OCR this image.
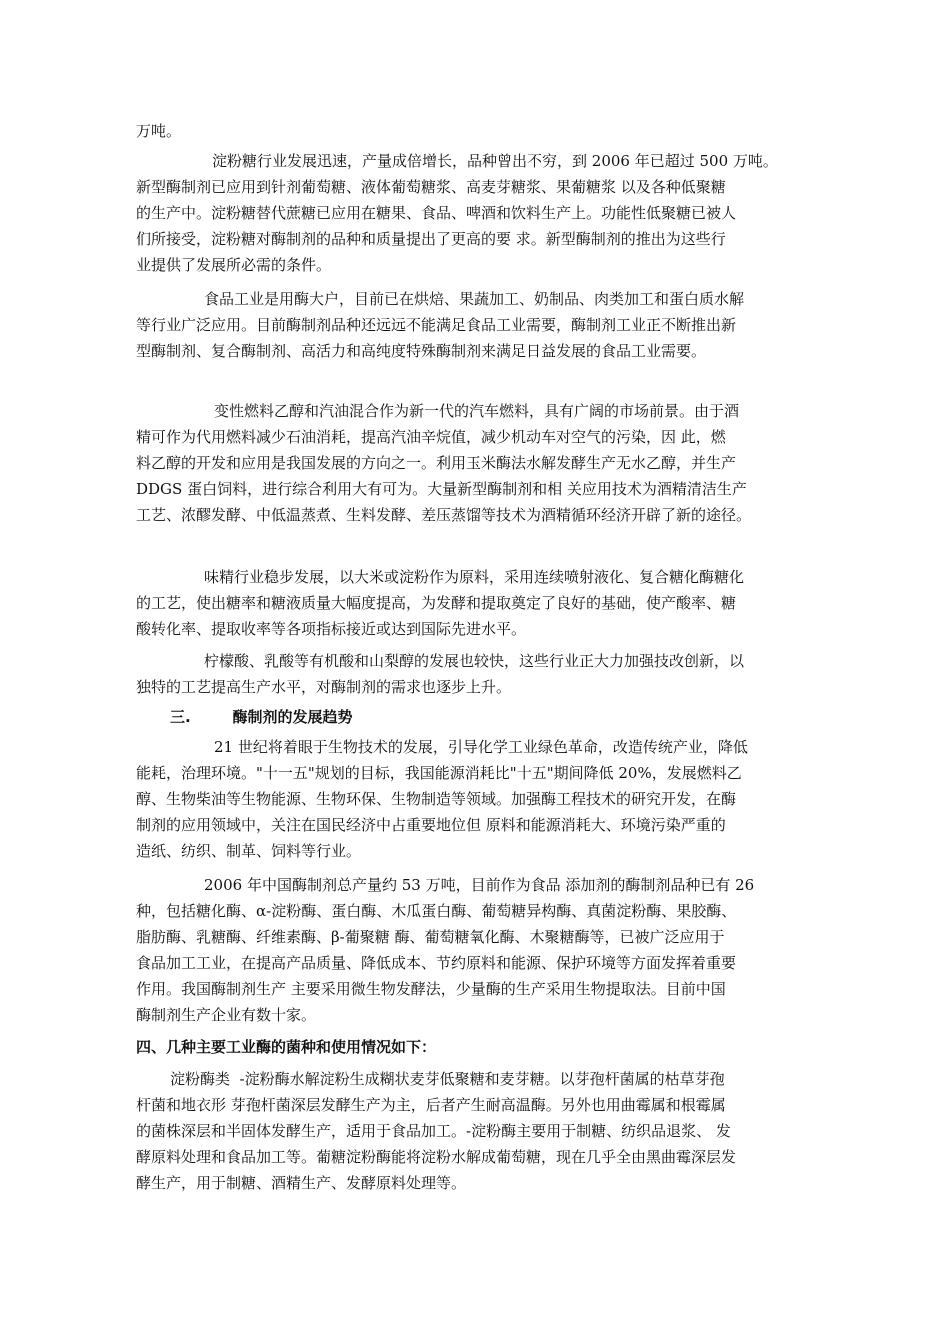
万吨。
淀粉糖行业发展迅速，产量成倍增长，品种曾出不穷，到 2006 年已超过 500 万吨。
新型酶制剂已应用到针剂葡萄糖、液体葡萄糖浆、高麦芽糖浆、果葡糖浆 以及各种低聚糖
的生产中。淀粉糖替代蔗糖已应用在糖果、食品、啤酒和饮料生产上。功能性低聚糖已被人
们所接受，淀粉糖对酶制剂的品种和质量提出了更高的要 求。新型酶制剂的推出为这些行
业提供了发展所必需的条件。
食品工业是用酶大户，目前已在烘焙、果蔬加工、奶制品、肉类加工和蛋白质水解
等行业广泛应用。目前酶制剂品种还远远不能满足食品工业需要，酶制剂工业正不断推出新
型酶制剂、复合酶制剂、高活力和高纯度特殊酶制剂来满足日益发展的食品工业需要。
变性燃料乙醇和汽油混合作为新一代的汽车燃料，具有广阔的市场前景。由于酒
精可作为代用燃料减少石油消耗，提高汽油辛烷值，减少机动车对空气的污染，因 此，燃
料乙醇的开发和应用是我国发展的方向之一。利用玉米酶法水解发酵生产无水乙醇，并生产
DDGS 蛋白饲料，进行综合利用大有可为。大量新型酶制剂和相 关应用技术为酒精清洁生产
工艺、浓醪发酵、中低温蒸煮、生料发酵、差压蒸馏等技术为酒精循环经济开辟了新的途径。
味精行业稳步发展，以大米或淀粉作为原料，采用连续喷射液化、复合糖化酶糖化
的工艺，使出糖率和糖液质量大幅度提高，为发酵和提取奠定了良好的基础，使产酸率、糖
酸转化率、提取收率等各项指标接近或达到国际先进水平。
柠檬酸、乳酸等有机酸和山梨醇的发展也较快，这些行业正大力加强技改创新，以
独特的工艺提高生产水平，对酶制剂的需求也逐步上升。
三.        酶制剂的发展趋势
21 世纪将着眼于生物技术的发展，引导化学工业绿色革命，改造传统产业，降低
能耗，治理环境。"十一五"规划的目标，我国能源消耗比"十五"期间降低 20%，发展燃料乙
醇、生物柴油等生物能源、生物环保、生物制造等领域。加强酶工程技术的研究开发，在酶
制剂的应用领域中，关注在国民经济中占重要地位但 原料和能源消耗大、环境污染严重的
造纸、纺织、制革、饲料等行业。
2006 年中国酶制剂总产量约 53 万吨，目前作为食品 添加剂的酶制剂品种已有 26
种，包括糖化酶、α-淀粉酶、蛋白酶、木瓜蛋白酶、葡萄糖异构酶、真菌淀粉酶、果胶酶、
脂肪酶、乳糖酶、纤维素酶、β-葡聚糖 酶、葡萄糖氧化酶、木聚糖酶等，已被广泛应用于
食品加工工业，在提高产品质量、降低成本、节约原料和能源、保护环境等方面发挥着重要
作用。我国酶制剂生产 主要采用微生物发酵法，少量酶的生产采用生物提取法。目前中国
酶制剂生产企业有数十家。
四、几种主要工业酶的菌种和使用情况如下：
淀粉酶类  -淀粉酶水解淀粉生成糊状麦芽低聚糖和麦芽糖。以芽孢杆菌属的枯草芽孢
杆菌和地衣形 芽孢杆菌深层发酵生产为主，后者产生耐高温酶。另外也用曲霉属和根霉属
的菌株深层和半固体发酵生产，适用于食品加工。-淀粉酶主要用于制糖、纺织品退浆、 发
酵原料处理和食品加工等。葡糖淀粉酶能将淀粉水解成葡萄糖，现在几乎全由黑曲霉深层发
酵生产，用于制糖、酒精生产、发酵原料处理等。
